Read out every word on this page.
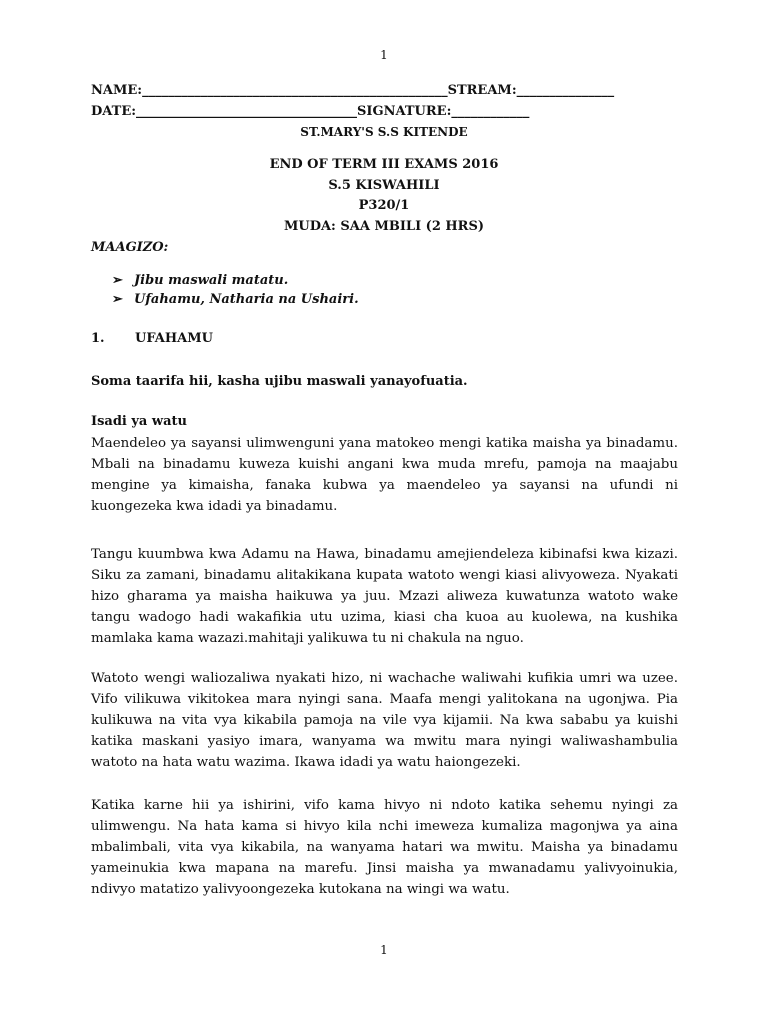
1
NAME:_______________________________________________STREAM:_______________
DATE:__________________________________SIGNATURE:____________
ST.MARY'S S.S KITENDE
END OF TERM III EXAMS 2016
S.5 KISWAHILI
P320/1
MUDA: SAA MBILI (2 HRS)
MAAGIZO:
➢ Jibu maswali matatu.
➢ Ufahamu, Natharia na Ushairi.
1. UFAHAMU
Soma taarifa hii, kasha ujibu maswali yanayofuatia.
Isadi ya watu

Maendeleo ya sayansi ulimwenguni yana matokeo mengi katika maisha ya binadamu. Mbali na binadamu kuweza kuishi angani kwa muda mrefu, pamoja na maajabu mengine ya kimaisha, fanaka kubwa ya maendeleo ya sayansi na ufundi ni kuongezeka kwa idadi ya binadamu.

Tangu kuumbwa kwa Adamu na Hawa, binadamu amejiendeleza kibinafsi kwa kizazi. Siku za zamani, binadamu alitakikana kupata watoto wengi kiasi alivyoweza. Nyakati hizo gharama ya maisha haikuwa ya juu. Mzazi aliweza kuwatunza watoto wake tangu wadogo hadi wakafikia utu uzima, kiasi cha kuoa au kuolewa, na kushika mamlaka kama wazazi.mahitaji yalikuwa tu ni chakula na nguo.

Watoto wengi waliozaliwa nyakati hizo, ni wachache waliwahi kufikia umri wa uzee. Vifo vilikuwa vikitokea mara nyingi sana. Maafa mengi yalitokana na ugonjwa. Pia kulikuwa na vita vya kikabila pamoja na vile vya kijamii. Na kwa sababu ya kuishi katika maskani yasiyo imara, wanyama wa mwitu mara nyingi waliwashambulia watoto na hata watu wazima. Ikawa idadi ya watu haiongezeki.

Katika karne hii ya ishirini, vifo kama hivyo ni ndoto katika sehemu nyingi za ulimwengu. Na hata kama si hivyo kila nchi imeweza kumaliza magonjwa ya aina mbalimbali, vita vya kikabila, na wanyama hatari wa mwitu. Maisha ya binadamu yameinukia kwa mapana na marefu. Jinsi maisha ya mwanadamu yalivyoinukia, ndivyo matatizo yalivyoongezeka kutokana na wingi wa watu.

1
